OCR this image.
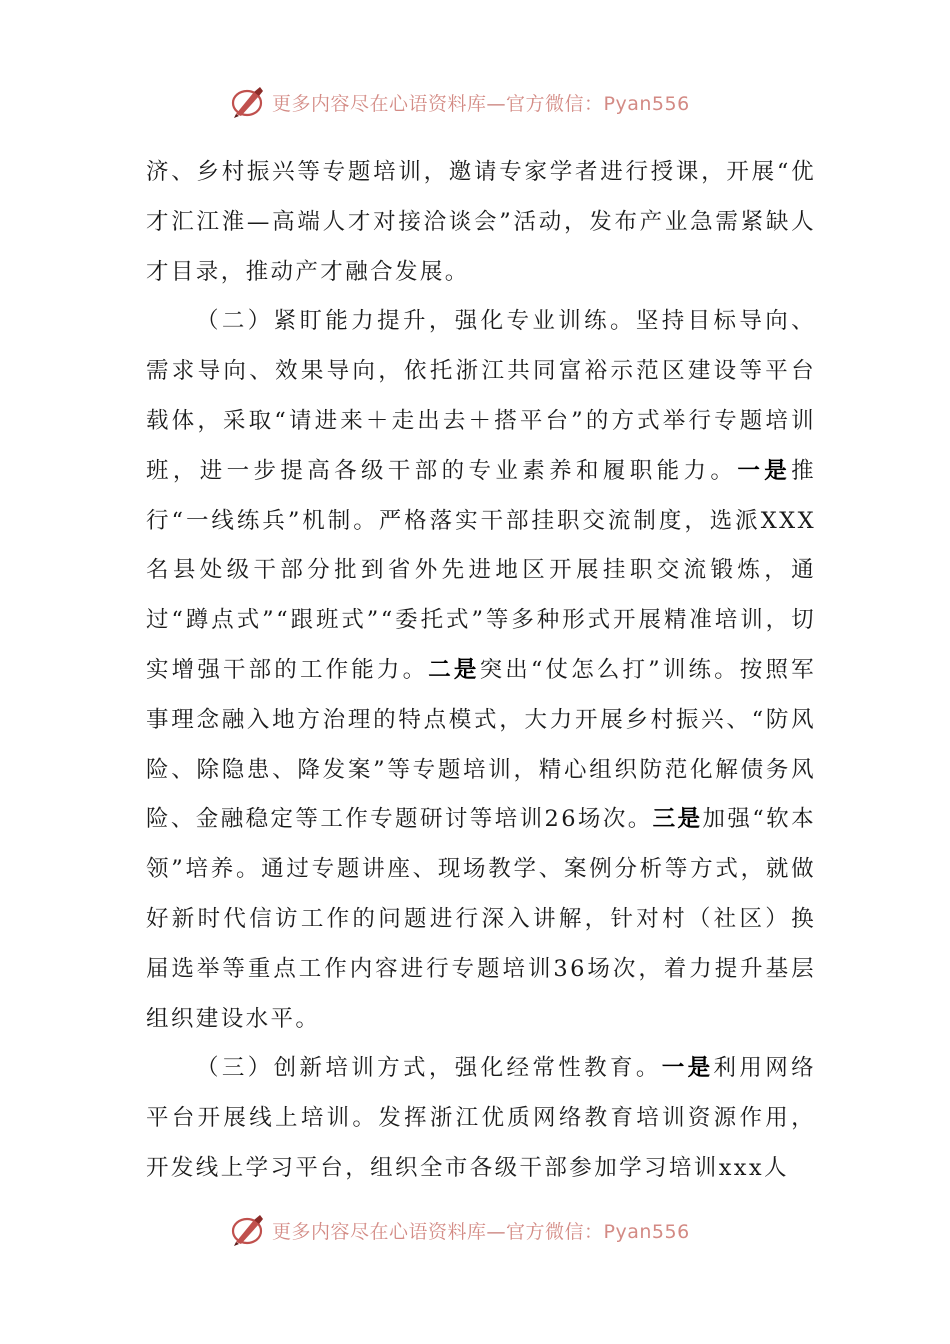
更多内容尽在心语资料库—官方微信：Pyan556

济、乡村振兴等专题培训，邀请专家学者进行授课，开展“优才汇江淮—高端人才对接洽谈会”活动，发布产业急需紧缺人才目录，推动产才融合发展。

（二）紧盯能力提升，强化专业训练。坚持目标导向、需求导向、效果导向，依托浙江共同富裕示范区建设等平台载体，采取“请进来＋走出去＋搭平台”的方式举行专题培训班，进一步提高各级干部的专业素养和履职能力。一是推行“一线练兵”机制。严格落实干部挂职交流制度，选派XXX名县处级干部分批到省外先进地区开展挂职交流锻炼，通过“蹲点式”“跟班式”“委托式”等多种形式开展精准培训，切实增强干部的工作能力。二是突出“仗怎么打”训练。按照军事理念融入地方治理的特点模式，大力开展乡村振兴、“防风险、除隐患、降发案”等专题培训，精心组织防范化解债务风险、金融稳定等工作专题研讨等培训26场次。三是加强“软本领”培养。通过专题讲座、现场教学、案例分析等方式，就做好新时代信访工作的问题进行深入讲解，针对村（社区）换届选举等重点工作内容进行专题培训36场次，着力提升基层组织建设水平。

（三）创新培训方式，强化经常性教育。一是利用网络平台开展线上培训。发挥浙江优质网络教育培训资源作用，开发线上学习平台，组织全市各级干部参加学习培训xxx人

更多内容尽在心语资料库—官方微信：Pyan556
